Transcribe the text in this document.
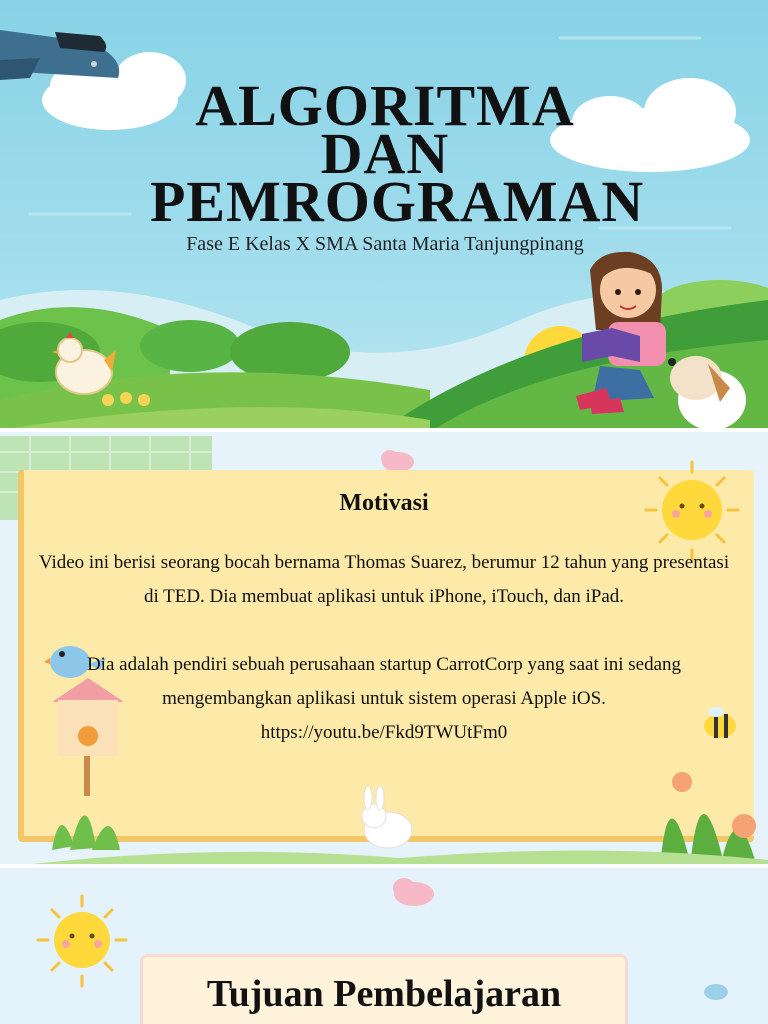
ALGORITMA DAN PEMROGRAMAN

Fase E Kelas X SMA Santa Maria Tanjungpinang

Motivasi

Video ini berisi seorang bocah bernama Thomas Suarez, berumur 12 tahun yang presentasi di TED. Dia membuat aplikasi untuk iPhone, iTouch, dan iPad.

Dia adalah pendiri sebuah perusahaan startup CarrotCorp yang saat ini sedang mengembangkan aplikasi untuk sistem operasi Apple iOS.

https://youtu.be/Fkd9TWUtFm0

Tujuan Pembelajaran
